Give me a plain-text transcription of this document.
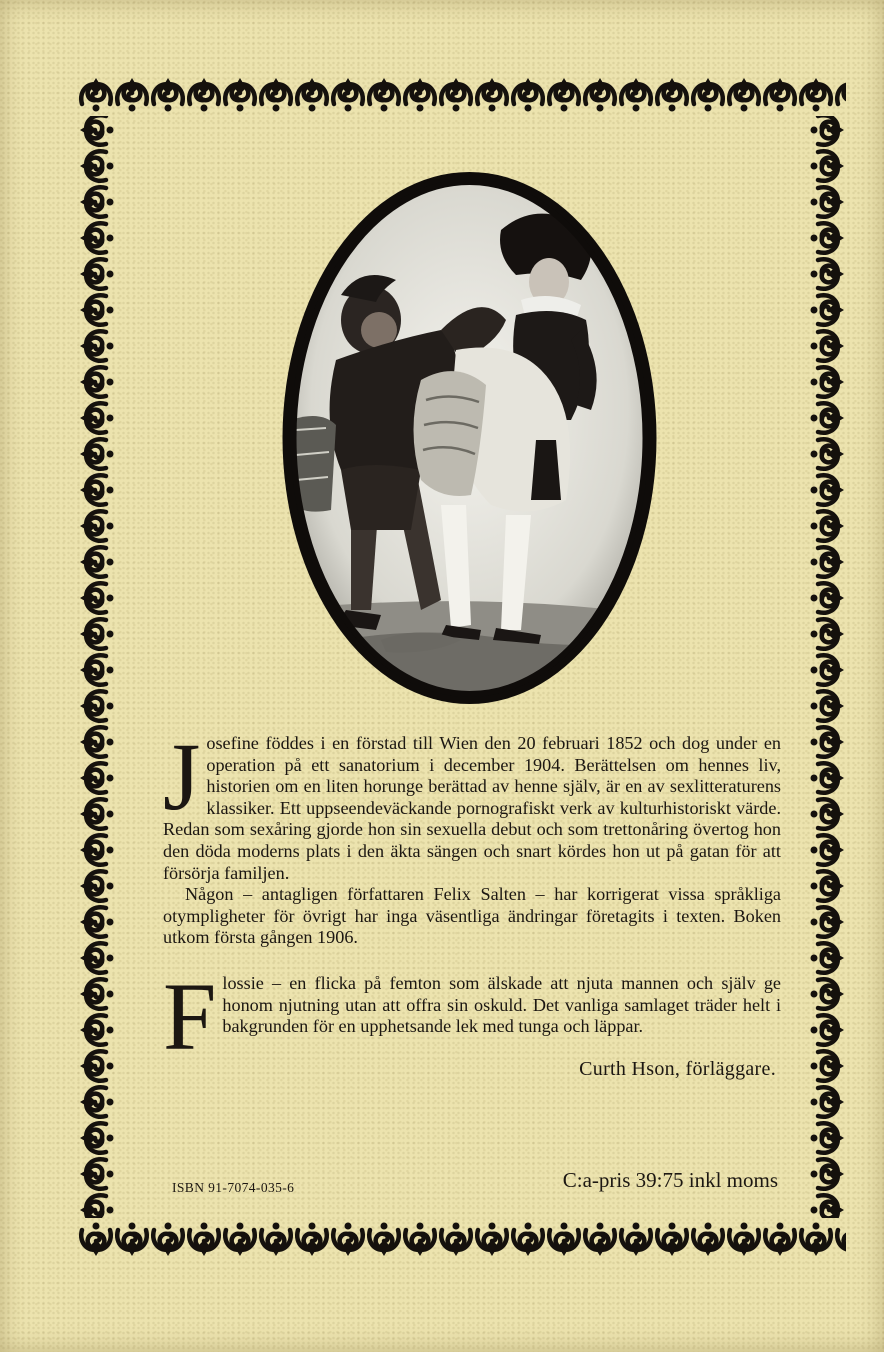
Josefine föddes i en förstad till Wien den 20 februari 1852 och dog under en operation på ett sanatorium i december 1904. Berättelsen om hennes liv, historien om en liten horunge berättad av henne själv, är en av sexlitteraturens klassiker. Ett uppseendeväckande pornografiskt verk av kulturhistoriskt värde. Redan som sexåring gjorde hon sin sexuella debut och som trettonåring övertog hon den döda moderns plats i den äkta sängen och snart kördes hon ut på gatan för att försörja familjen.

Någon – antagligen författaren Felix Salten – har korrigerat vissa språkliga otympligheter för övrigt har inga väsentliga ändringar företagits i texten. Boken utkom första gången 1906.

Flossie – en flicka på femton som älskade att njuta mannen och själv ge honom njutning utan att offra sin oskuld. Det vanliga samlaget träder helt i bakgrunden för en upphetsande lek med tunga och läppar.

Curth Hson, förläggare.
ISBN 91-7074-035-6	C:a-pris 39:75 inkl moms
